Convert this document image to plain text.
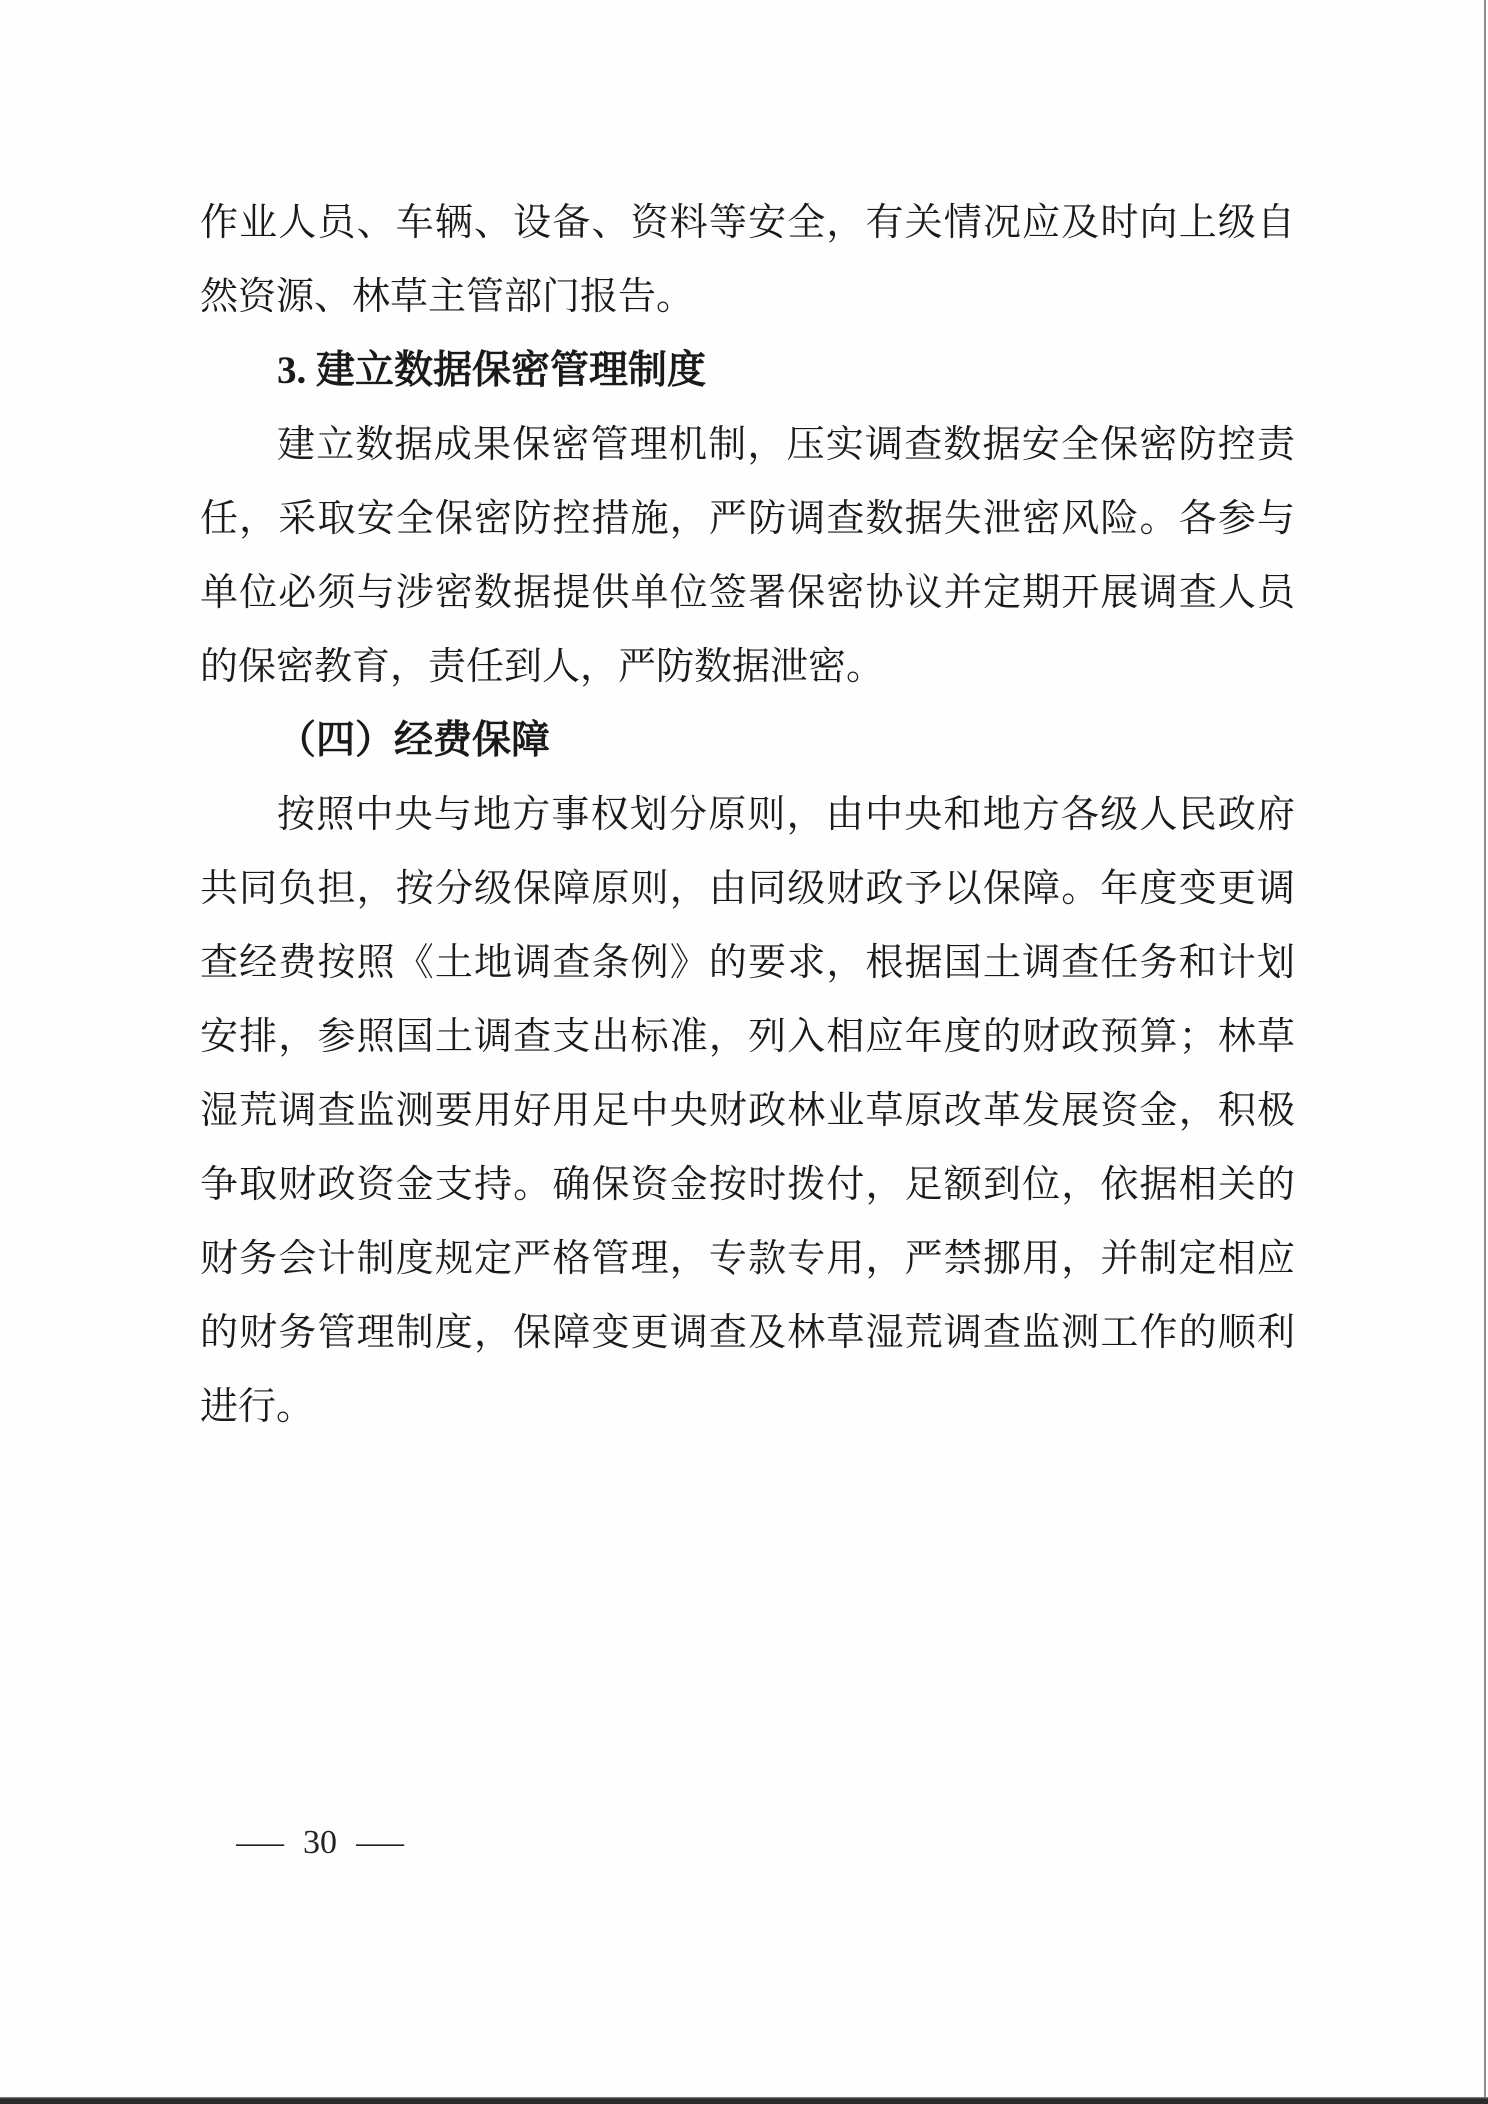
作业人员、车辆、设备、资料等安全，有关情况应及时向上级自
然资源、林草主管部门报告。
3. 建立数据保密管理制度
建立数据成果保密管理机制，压实调查数据安全保密防控责
任，采取安全保密防控措施，严防调查数据失泄密风险。各参与
单位必须与涉密数据提供单位签署保密协议并定期开展调查人员
的保密教育，责任到人，严防数据泄密。
（四）经费保障
按照中央与地方事权划分原则，由中央和地方各级人民政府
共同负担，按分级保障原则，由同级财政予以保障。年度变更调
查经费按照《土地调查条例》的要求，根据国土调查任务和计划
安排，参照国土调查支出标准，列入相应年度的财政预算；林草
湿荒调查监测要用好用足中央财政林业草原改革发展资金，积极
争取财政资金支持。确保资金按时拨付，足额到位，依据相关的
财务会计制度规定严格管理，专款专用，严禁挪用，并制定相应
的财务管理制度，保障变更调查及林草湿荒调查监测工作的顺利
进行。
— 30 —
